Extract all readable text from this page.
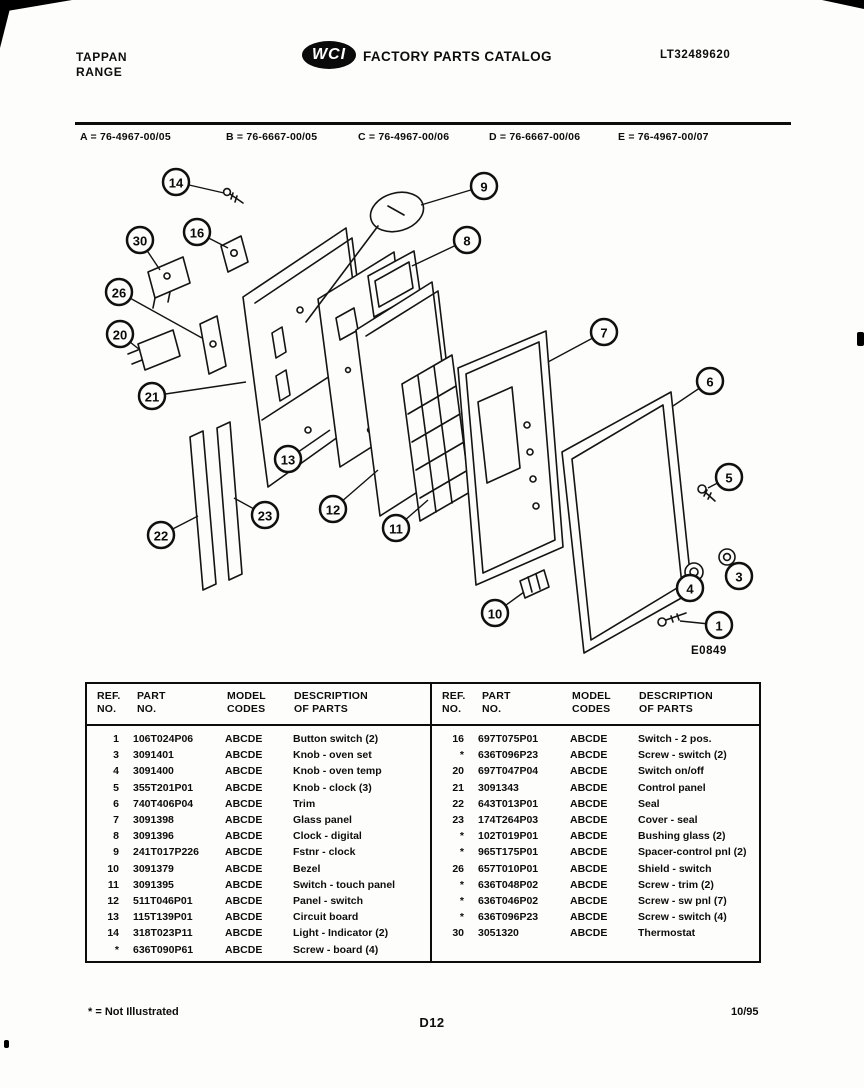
14	9
30
16
8
26
20	7
6
21
13
12
11
23
22
10
5
3
4
1
E0849
TAPPAN
RANGE
WCI FACTORY PARTS CATALOG	LT32489620
A = 76-4967-00/05	B = 76-6667-00/05	C = 76-4967-00/06	D = 76-6667-00/06	E = 76-4967-00/07
REF.
NO.
PART
NO.
MODEL
CODES
DESCRIPTION
OF PARTS
1	106T024P06	ABCDE	Button switch (2)
3	3091401	ABCDE	Knob - oven set
4	3091400	ABCDE	Knob - oven temp
5	355T201P01	ABCDE	Knob - clock (3)
6	740T406P04	ABCDE	Trim
7	3091398	ABCDE	Glass panel
8	3091396	ABCDE	Clock - digital
9	241T017P226	ABCDE	Fstnr - clock
10	3091379	ABCDE	Bezel
11	3091395	ABCDE	Switch - touch panel
12	511T046P01	ABCDE	Panel - switch
13	115T139P01	ABCDE	Circuit board
14	318T023P11	ABCDE	Light - Indicator (2)
*	636T090P61	ABCDE	Screw - board (4)
REF.
NO.
PART
NO.
MODEL
CODES
DESCRIPTION
OF PARTS
16	697T075P01	ABCDE	Switch - 2 pos.
*	636T096P23	ABCDE	Screw - switch (2)
20	697T047P04	ABCDE	Switch on/off
21	3091343	ABCDE	Control panel
22	643T013P01	ABCDE	Seal
23	174T264P03	ABCDE	Cover - seal
*	102T019P01	ABCDE	Bushing glass (2)
*	965T175P01	ABCDE	Spacer-control pnl (2)
26	657T010P01	ABCDE	Shield - switch
*	636T048P02	ABCDE	Screw - trim (2)
*	636T046P02	ABCDE	Screw - sw pnl (7)
*	636T096P23	ABCDE	Screw - switch (4)
30	3051320	ABCDE	Thermostat
* = Not Illustrated
D12
10/95
